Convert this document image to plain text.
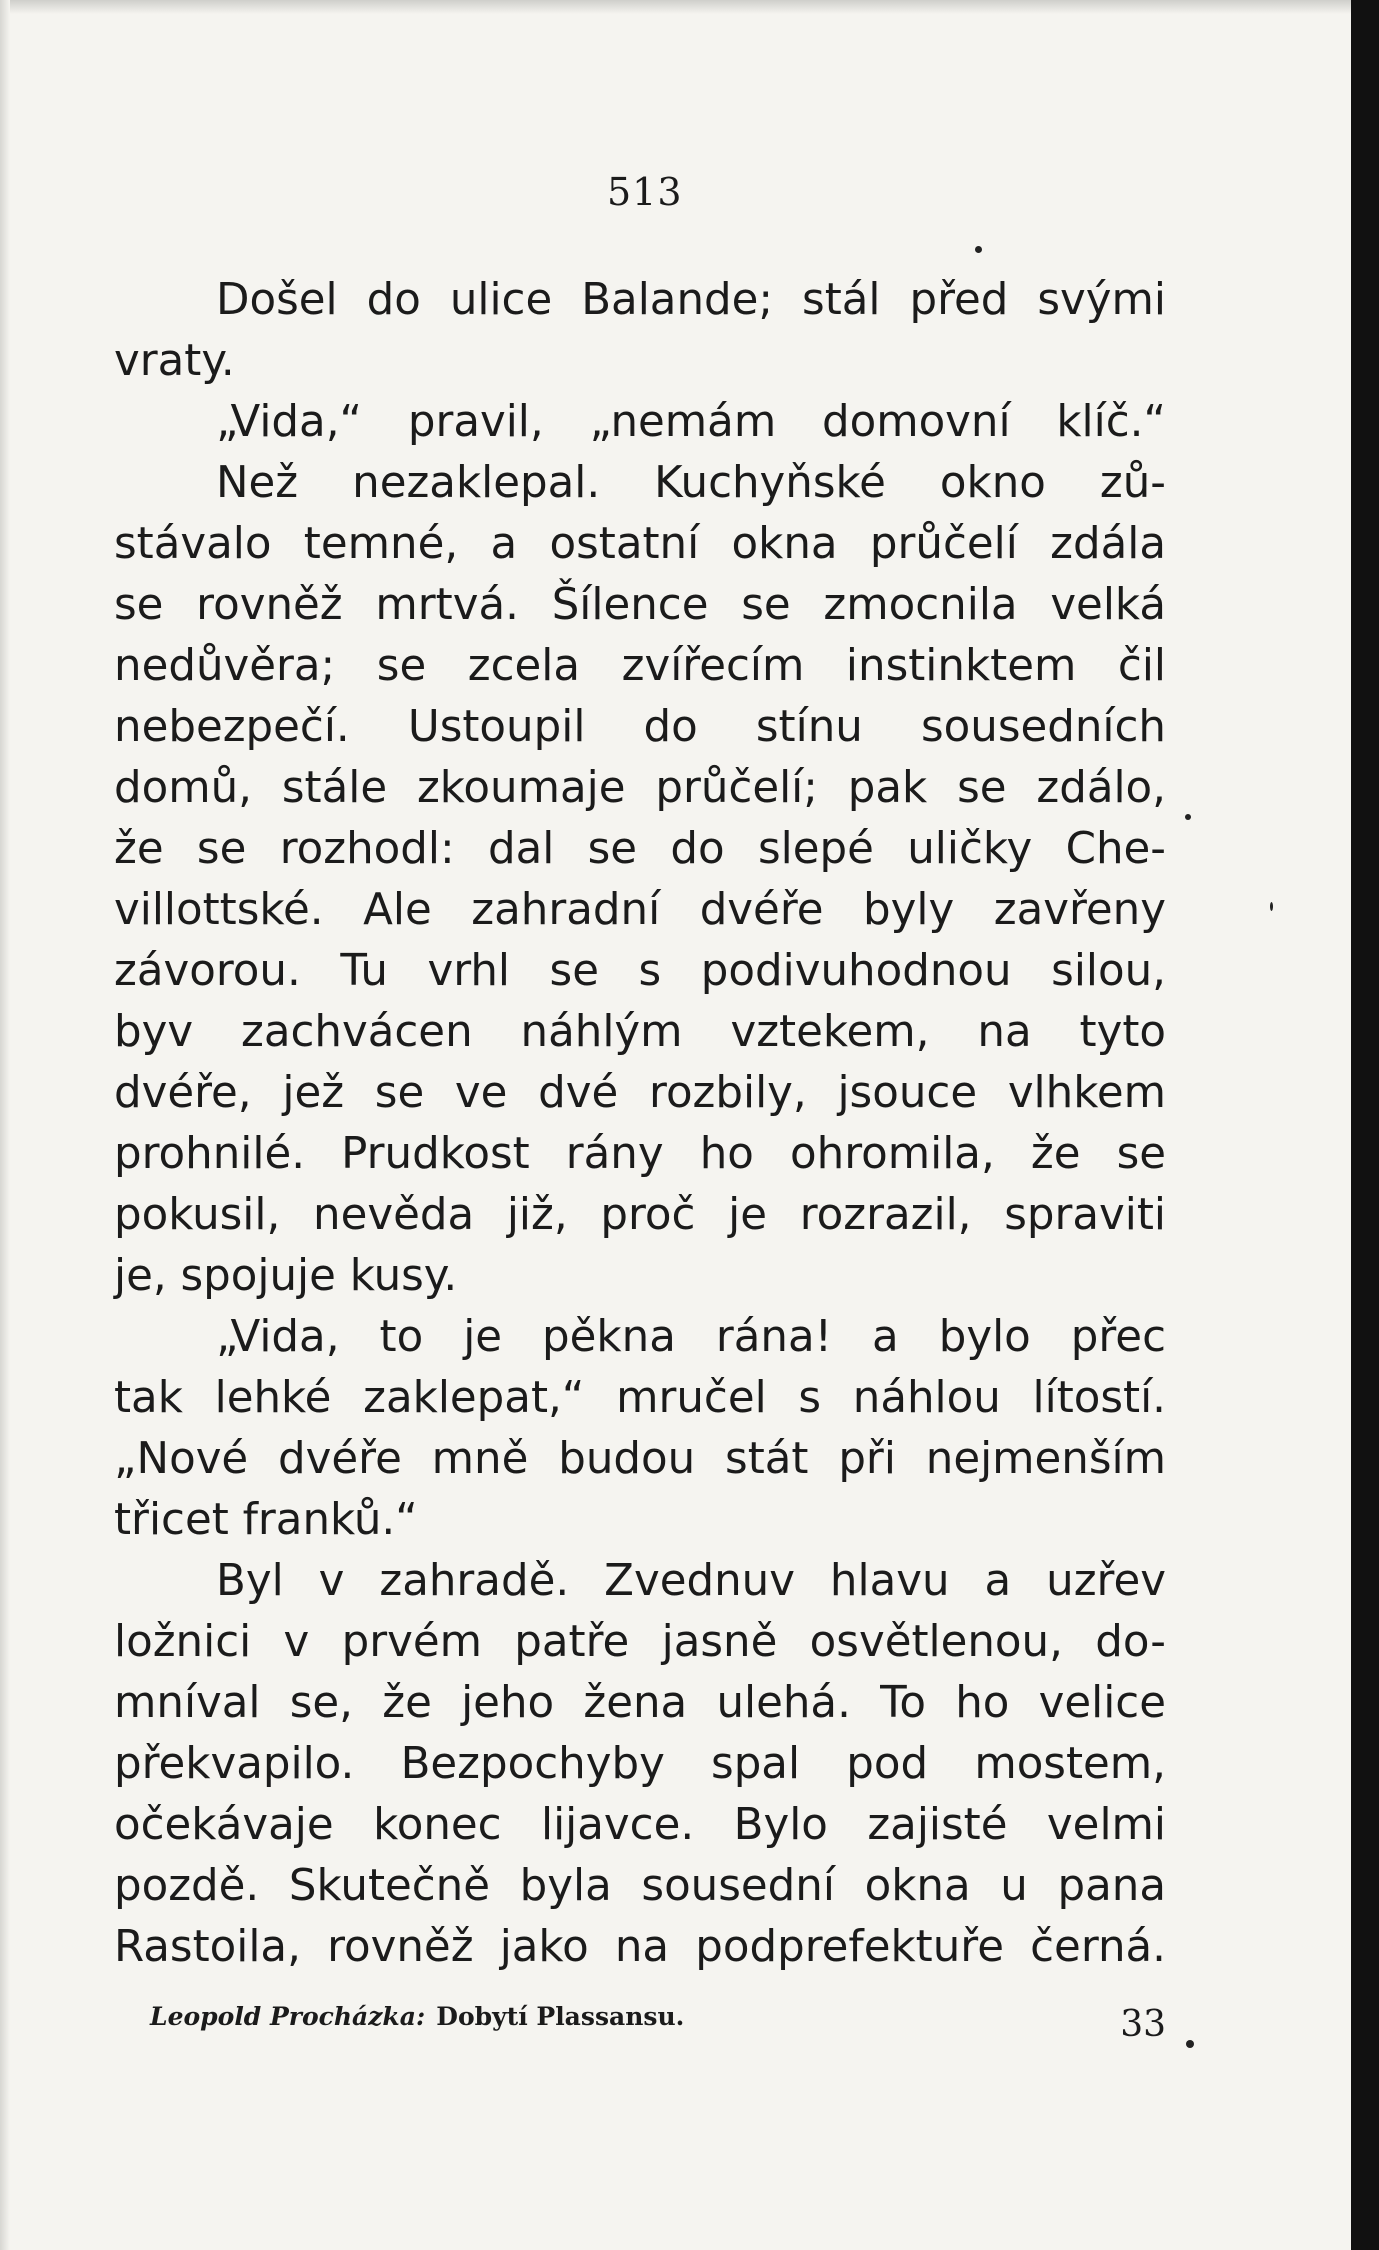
513
Došel do ulice Balande; stál před svými
vraty.
„Vida,“ pravil, „nemám domovní klíč.“
Než nezaklepal. Kuchyňské okno zů-
stávalo temné, a ostatní okna průčelí zdála
se rovněž mrtvá. Šílence se zmocnila velká
nedůvěra; se zcela zvířecím instinktem čil
nebezpečí. Ustoupil do stínu sousedních
domů, stále zkoumaje průčelí; pak se zdálo,
že se rozhodl: dal se do slepé uličky Che-
villottské. Ale zahradní dvéře byly zavřeny
závorou. Tu vrhl se s podivuhodnou silou,
byv zachvácen náhlým vztekem, na tyto
dvéře, jež se ve dvé rozbily, jsouce vlhkem
prohnilé. Prudkost rány ho ohromila, že se
pokusil, nevěda již, proč je rozrazil, spraviti
je, spojuje kusy.
„Vida, to je pěkna rána! a bylo přec
tak lehké zaklepat,“ mručel s náhlou lítostí.
„Nové dvéře mně budou stát při nejmenším
třicet franků.“
Byl v zahradě. Zvednuv hlavu a uzřev
ložnici v prvém patře jasně osvětlenou, do-
mníval se, že jeho žena ulehá. To ho velice
překvapilo. Bezpochyby spal pod mostem,
očekávaje konec lijavce. Bylo zajisté velmi
pozdě. Skutečně byla sousední okna u pana
Rastoila, rovněž jako na podprefektuře černá.
Leopold Procházka: Dobytí Plassansu.	33
